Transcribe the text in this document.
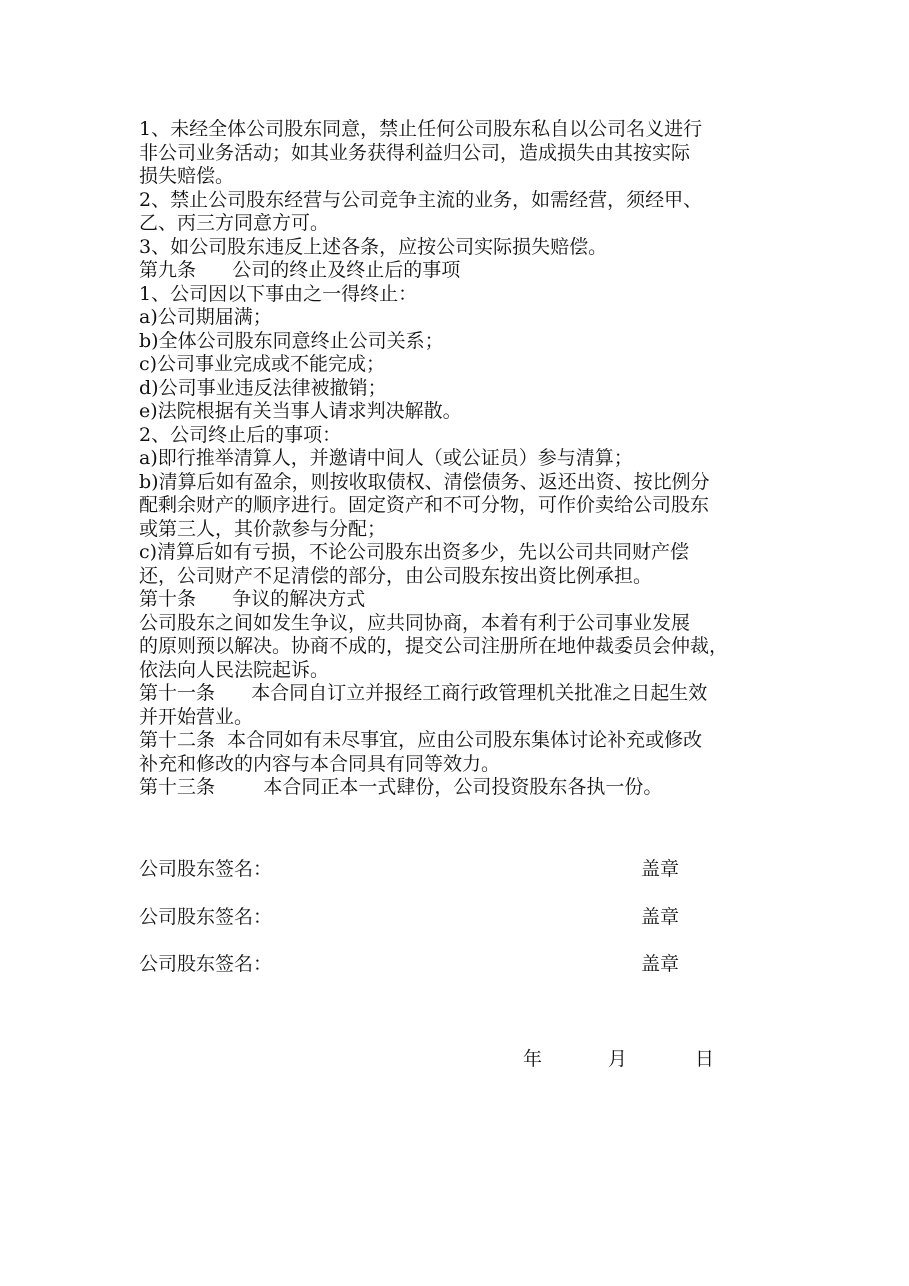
1、未经全体公司股东同意，禁止任何公司股东私自以公司名义进行

非公司业务活动；如其业务获得利益归公司，造成损失由其按实际

损失赔偿。

2、禁止公司股东经营与公司竞争主流的业务，如需经营，须经甲、

乙、丙三方同意方可。

3、如公司股东违反上述各条，应按公司实际损失赔偿。

第九条      公司的终止及终止后的事项

1、公司因以下事由之一得终止：

a)公司期届满；

b)全体公司股东同意终止公司关系；

c)公司事业完成或不能完成；

d)公司事业违反法律被撤销；

e)法院根据有关当事人请求判决解散。

2、公司终止后的事项：

a)即行推举清算人，并邀请中间人（或公证员）参与清算；

b)清算后如有盈余，则按收取债权、清偿债务、返还出资、按比例分

配剩余财产的顺序进行。固定资产和不可分物，可作价卖给公司股东

或第三人，其价款参与分配；

c)清算后如有亏损，不论公司股东出资多少，先以公司共同财产偿

还，公司财产不足清偿的部分，由公司股东按出资比例承担。

第十条      争议的解决方式

公司股东之间如发生争议，应共同协商，本着有利于公司事业发展

的原则预以解决。协商不成的，提交公司注册所在地仲裁委员会仲裁，

依法向人民法院起诉。

第十一条      本合同自订立并报经工商行政管理机关批准之日起生效

并开始营业。

第十二条  本合同如有未尽事宜，应由公司股东集体讨论补充或修改

补充和修改的内容与本合同具有同等效力。

第十三条        本合同正本一式肆份，公司投资股东各执一份。

公司股东签名：	盖章
公司股东签名：	盖章
公司股东签名：	盖章
年	月	日
